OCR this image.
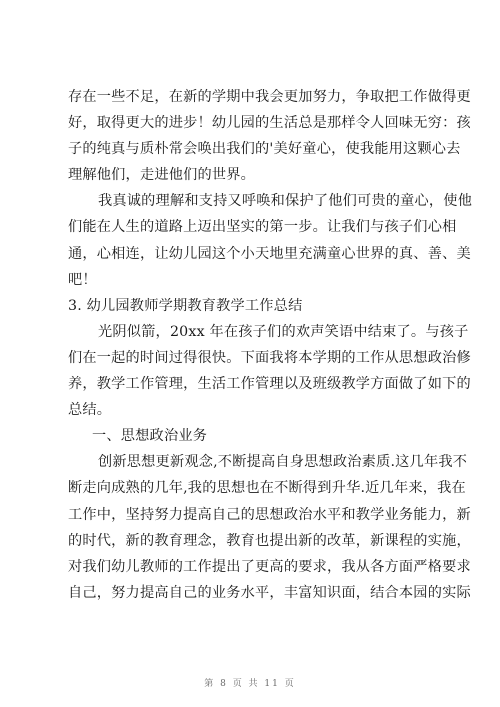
存在一些不足，在新的学期中我会更加努力，争取把工作做得更
好，取得更大的进步！幼儿园的生活总是那样令人回味无穷：孩
子的纯真与质朴常会唤出我们的'美好童心，使我能用这颗心去
理解他们，走进他们的世界。
我真诚的理解和支持又呼唤和保护了他们可贵的童心，使他
们能在人生的道路上迈出坚实的第一步。让我们与孩子们心相
通，心相连，让幼儿园这个小天地里充满童心世界的真、善、美
吧！
3. 幼儿园教师学期教育教学工作总结
光阴似箭，20xx 年在孩子们的欢声笑语中结束了。与孩子
们在一起的时间过得很快。下面我将本学期的工作从思想政治修
养，教学工作管理，生活工作管理以及班级教学方面做了如下的
总结。
一、思想政治业务
创新思想更新观念,不断提高自身思想政治素质.这几年我不
断走向成熟的几年,我的思想也在不断得到升华.近几年来，我在
工作中，坚持努力提高自己的思想政治水平和教学业务能力，新
的时代，新的教育理念，教育也提出新的改革，新课程的实施，
对我们幼儿教师的工作提出了更高的要求，我从各方面严格要求
自己，努力提高自己的业务水平，丰富知识面，结合本园的实际
第 8 页 共 11 页
